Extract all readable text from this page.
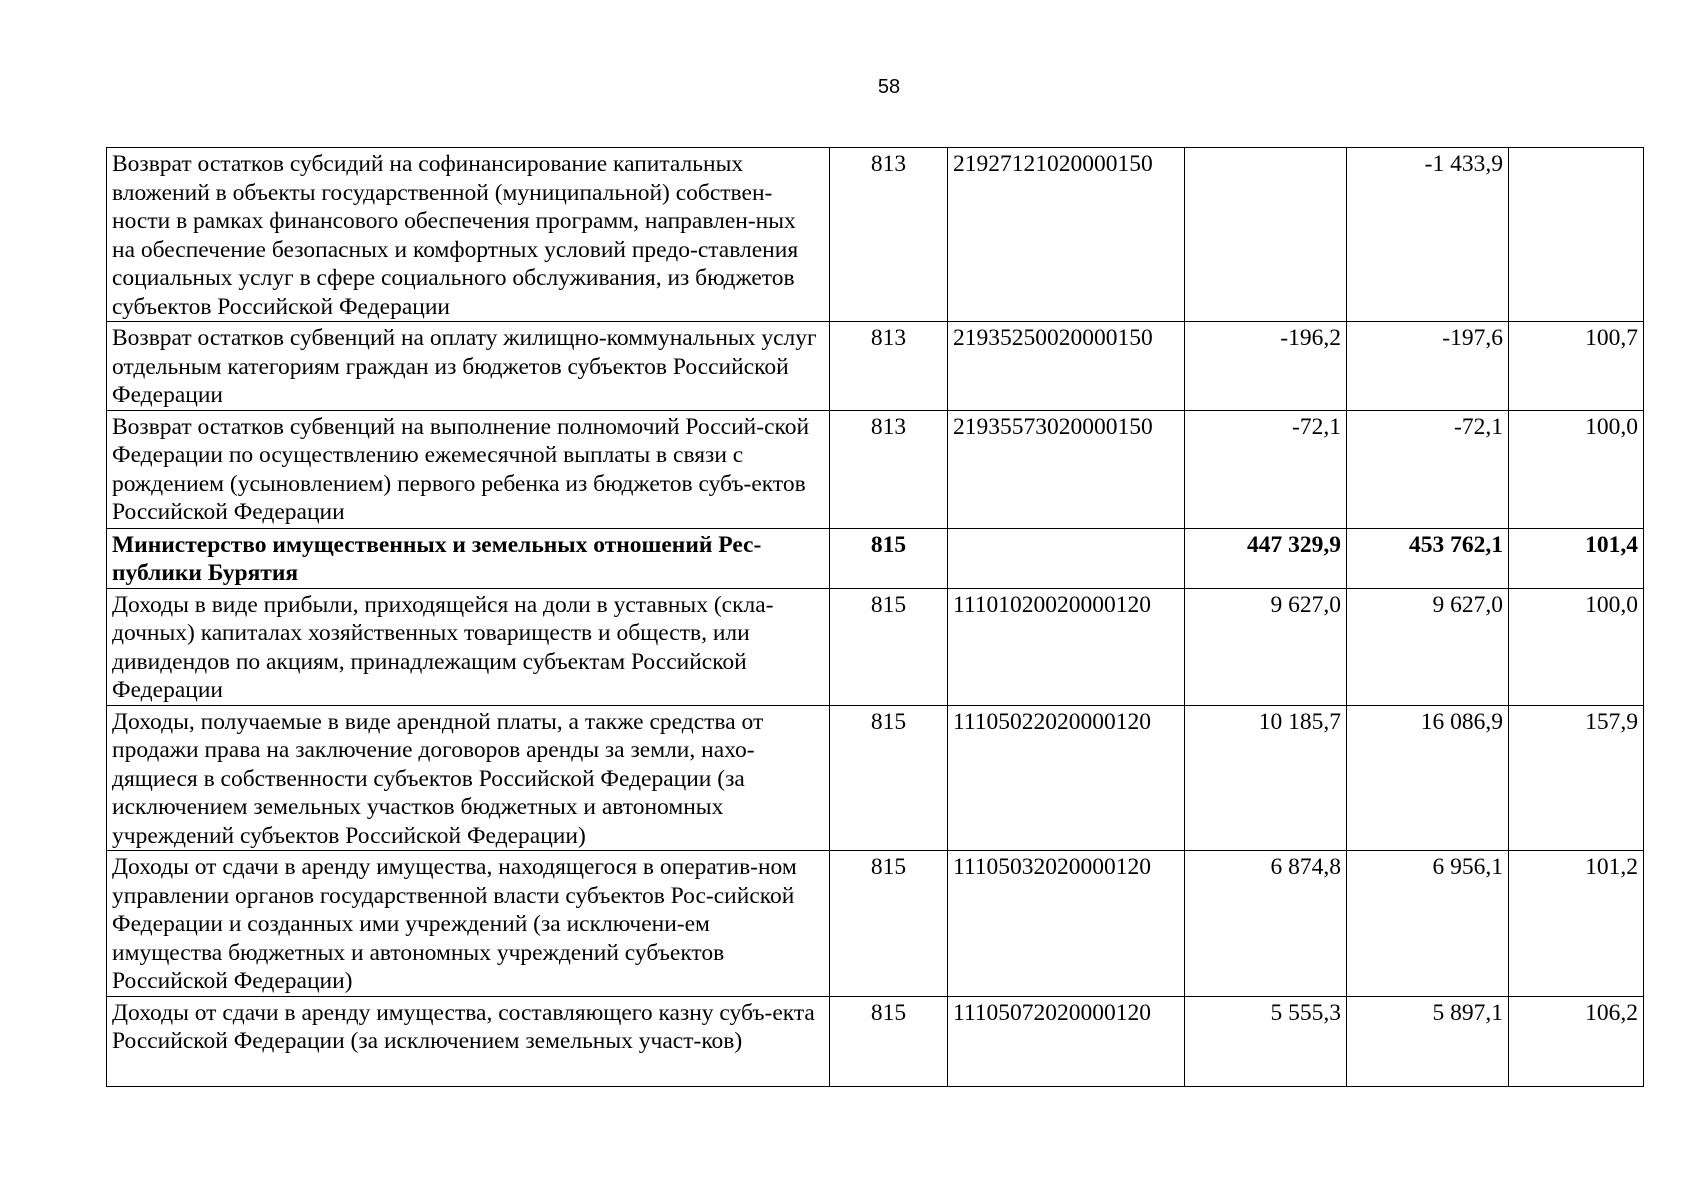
58
Возврат остатков субсидий на софинансирование капитальных вложений в объекты государственной (муниципальной) собствен-ности в рамках финансового обеспечения программ, направлен-ных на обеспечение безопасных и комфортных условий предо-ставления социальных услуг в сфере социального обслуживания, из бюджетов субъектов Российской Федерации	813	21927121020000150		-1 433,9	
Возврат остатков субвенций на оплату жилищно-коммунальных услуг отдельным категориям граждан из бюджетов субъектов Российской Федерации	813	21935250020000150	-196,2	-197,6	100,7
Возврат остатков субвенций на выполнение полномочий Россий-ской Федерации по осуществлению ежемесячной выплаты в связи с рождением (усыновлением) первого ребенка из бюджетов субъ-ектов Российской Федерации	813	21935573020000150	-72,1	-72,1	100,0
Министерство имущественных и земельных отношений Рес-публики Бурятия	815		447 329,9	453 762,1	101,4
Доходы в виде прибыли, приходящейся на доли в уставных (скла-дочных) капиталах хозяйственных товариществ и обществ, или дивидендов по акциям, принадлежащим субъектам Российской Федерации	815	11101020020000120	9 627,0	9 627,0	100,0
Доходы, получаемые в виде арендной платы, а также средства от продажи права на заключение договоров аренды за земли, нахо-дящиеся в собственности субъектов Российской Федерации (за исключением земельных участков бюджетных и автономных учреждений субъектов Российской Федерации)	815	11105022020000120	10 185,7	16 086,9	157,9
Доходы от сдачи в аренду имущества, находящегося в оператив-ном управлении органов государственной власти субъектов Рос-сийской Федерации и созданных ими учреждений (за исключени-ем имущества бюджетных и автономных учреждений субъектов Российской Федерации)	815	11105032020000120	6 874,8	6 956,1	101,2
Доходы от сдачи в аренду имущества, составляющего казну субъ-екта Российской Федерации (за исключением земельных участ-ков)	815	11105072020000120	5 555,3	5 897,1	106,2
